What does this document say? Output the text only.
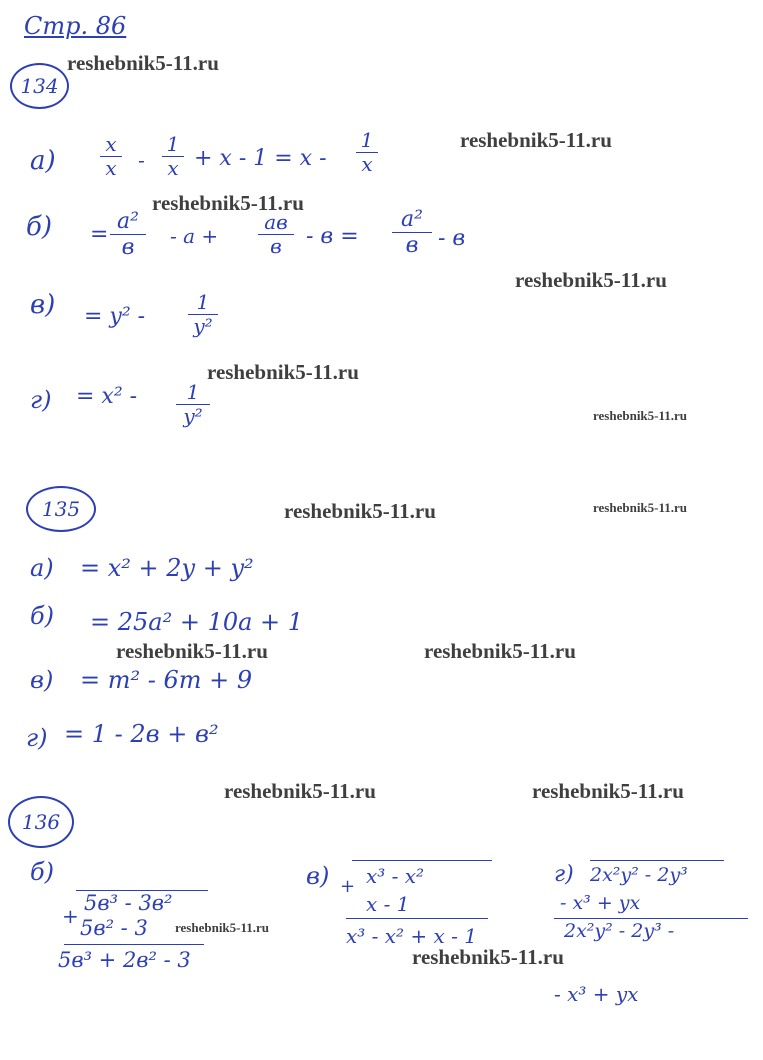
Стр. 86
reshebnik5-11.ru
reshebnik5-11.ru
reshebnik5-11.ru
reshebnik5-11.ru
reshebnik5-11.ru
reshebnik5-11.ru
reshebnik5-11.ru	reshebnik5-11.ru
reshebnik5-11.ru	reshebnik5-11.ru
reshebnik5-11.ru	reshebnik5-11.ru
reshebnik5-11.ru
reshebnik5-11.ru
134
а)
x
x -
1
x + x - 1 = x -
1
x
б) =
a²
в	- a +
aв
в	- в =
a²
в - в
в) = y² -
1
y²
г) = x² -	1
y²
135
а) = x² + 2y + y²
б) = 25a² + 10a + 1
в) = m² - 6m + 9
г) = 1 - 2в + в²
136
б)
+
5в³ - 3в²
5в² - 3
5в³ + 2в² - 3
в) + x³ - x²
x - 1
x³ - x² + x - 1
г) 2x²y² - 2y³
- x³ + yx
2x²y² - 2y³ -
- x³ + yx
